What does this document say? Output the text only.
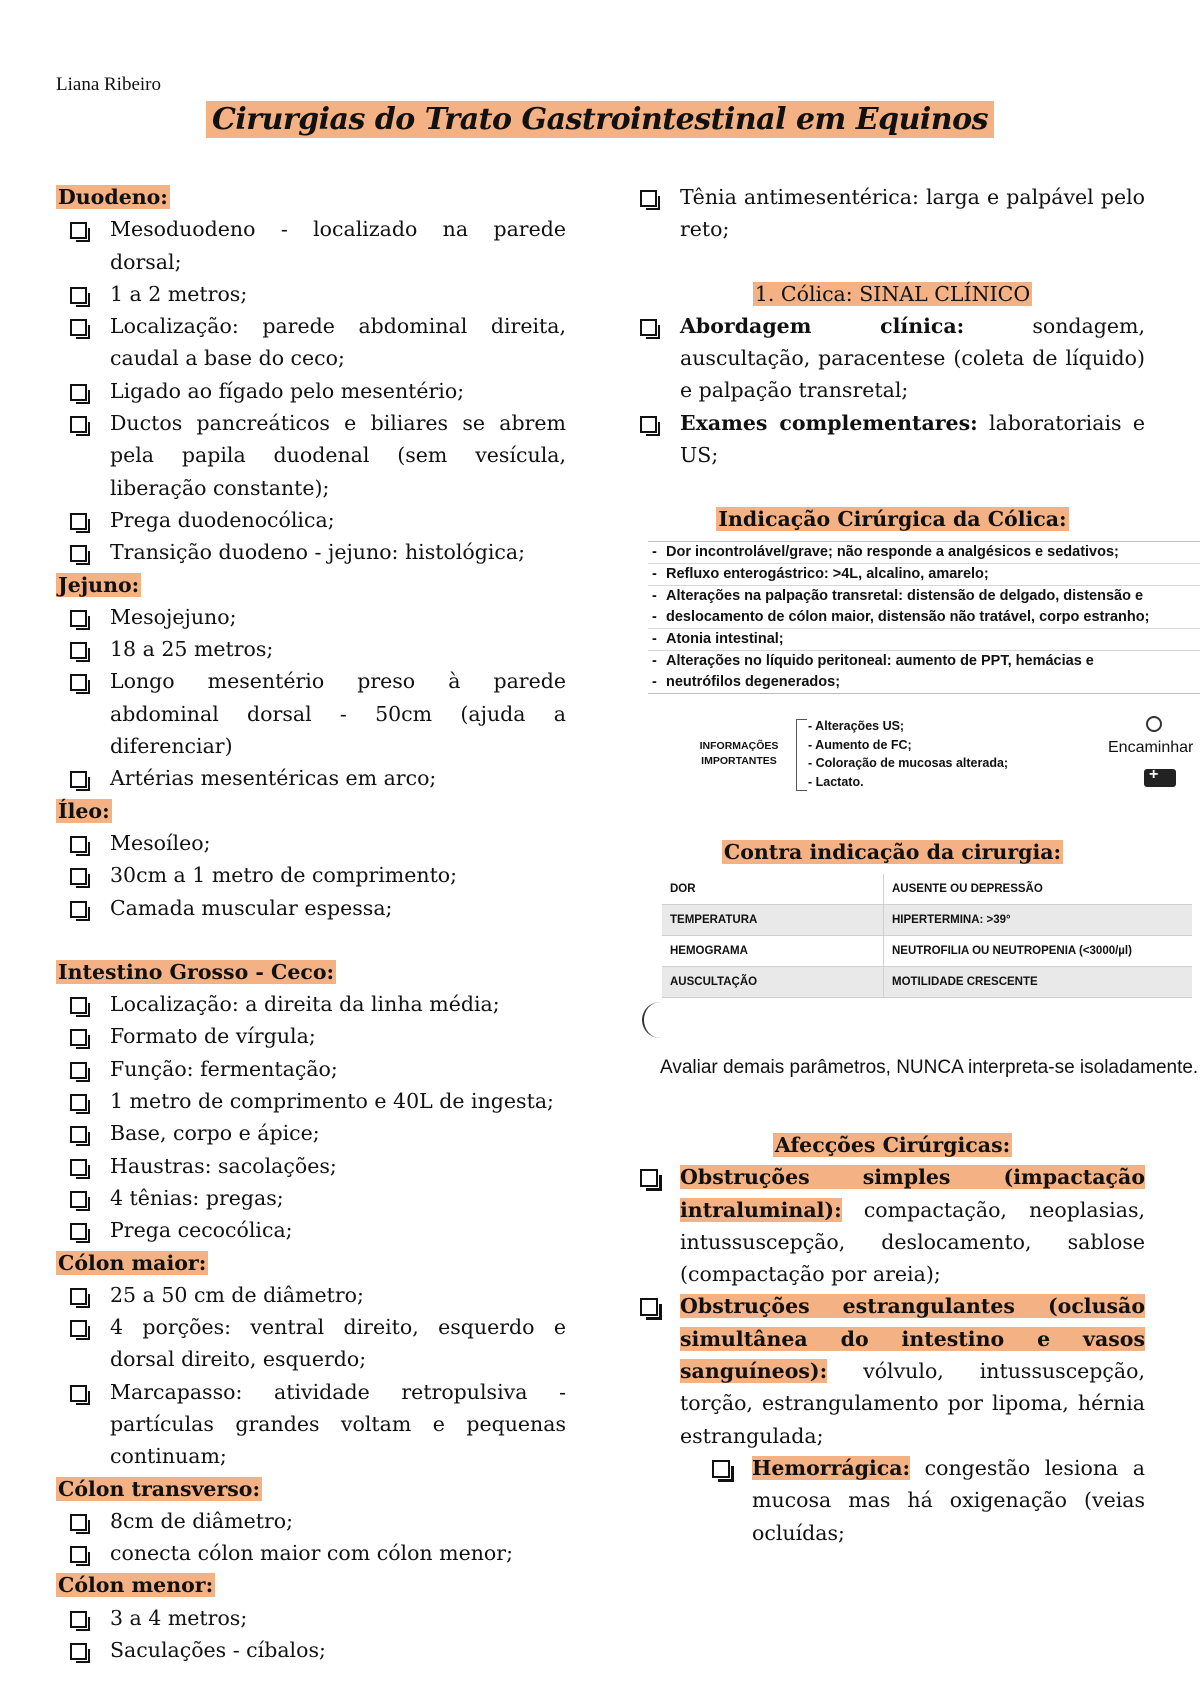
Liana Ribeiro
Cirurgias do Trato Gastrointestinal em Equinos
Duodeno:
Mesoduodeno - localizado na parede dorsal;
1 a 2 metros;
Localização: parede abdominal direita, caudal a base do ceco;
Ligado ao fígado pelo mesentério;
Ductos pancreáticos e biliares se abrem pela papila duodenal (sem vesícula, liberação constante);
Prega duodenocólica;
Transição duodeno - jejuno: histológica;
Jejuno:
Mesojejuno;
18 a 25 metros;
Longo mesentério preso à parede abdominal dorsal - 50cm (ajuda a diferenciar)
Artérias mesentéricas em arco;
Íleo:
Mesoíleo;
30cm a 1 metro de comprimento;
Camada muscular espessa;
Intestino Grosso - Ceco:
Localização: a direita da linha média;
Formato de vírgula;
Função: fermentação;
1 metro de comprimento e 40L de ingesta;
Base, corpo e ápice;
Haustras: sacolações;
4 tênias: pregas;
Prega cecocólica;
Cólon maior:
25 a 50 cm de diâmetro;
4 porções: ventral direito, esquerdo e dorsal direito, esquerdo;
Marcapasso: atividade retropulsiva - partículas grandes voltam e pequenas continuam;
Cólon transverso:
8cm de diâmetro;
conecta cólon maior com cólon menor;
Cólon menor:
3 a 4 metros;
Saculações - cíbalos;
Tênia antimesentérica: larga e palpável pelo reto;
1. Cólica: SINAL CLÍNICO
Abordagem clínica: sondagem, auscultação, paracentese (coleta de líquido) e palpação transretal;
Exames complementares: laboratoriais e US;
Indicação Cirúrgica da Cólica:
- Dor incontrolável/grave; não responde a analgésicos e sedativos;
- Refluxo enterogástrico: >4L, alcalino, amarelo;
- Alterações na palpação transretal: distensão de delgado, distensão e
- deslocamento de cólon maior, distensão não tratável, corpo estranho;
- Atonia intestinal;
- Alterações no líquido peritoneal: aumento de PPT, hemácias e
- neutrófilos degenerados;
INFORMAÇÕES
IMPORTANTES
- Alterações US;
- Aumento de FC;
- Coloração de mucosas alterada;
- Lactato.
Encaminhar
+
Contra indicação da cirurgia:
DOR	AUSENTE OU DEPRESSÃO
TEMPERATURA	HIPERTERMINA: >39°
HEMOGRAMA	NEUTROFILIA OU NEUTROPENIA (<3000/µl)
AUSCULTAÇÃO	MOTILIDADE CRESCENTE
Avaliar demais parâmetros, NUNCA interpreta-se isoladamente.
Afecções Cirúrgicas:
Obstruções simples (impactação intraluminal): compactação, neoplasias, intussuscepção, deslocamento, sablose (compactação por areia);
Obstruções estrangulantes (oclusão simultânea do intestino e vasos sanguíneos): vólvulo, intussuscepção, torção, estrangulamento por lipoma, hérnia estrangulada;
Hemorrágica: congestão lesiona a mucosa mas há oxigenação (veias ocluídas;
